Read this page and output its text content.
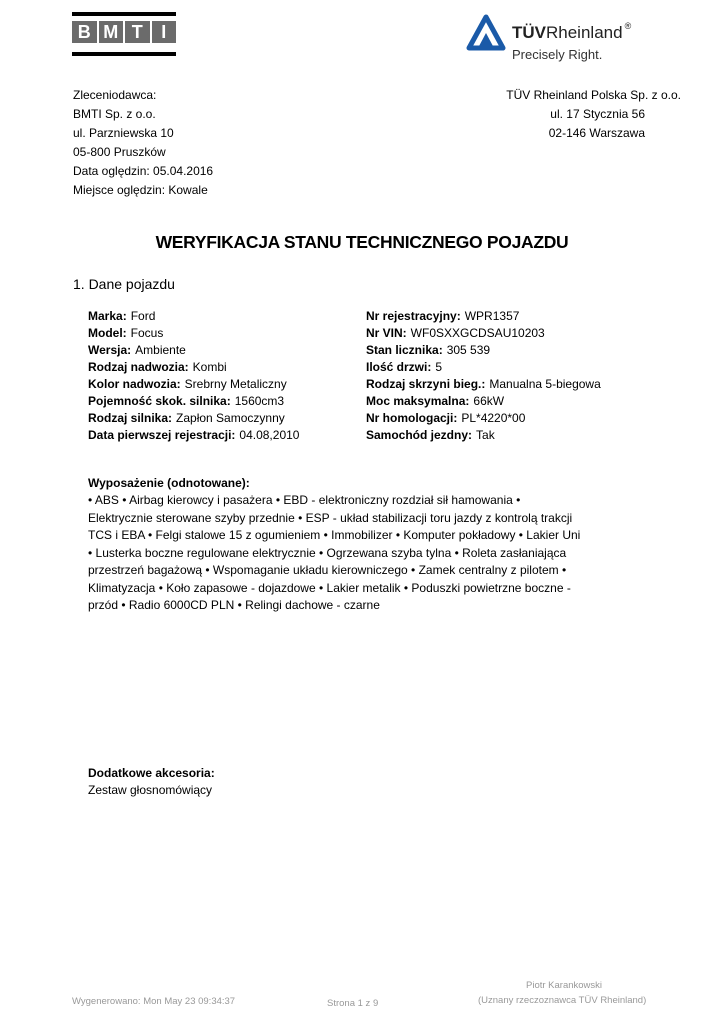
B M T	I	TÜVRheinland ®
Precisely Right.
Zleceniodawca:
BMTI Sp. z o.o.
ul. Parzniewska 10
05-800 Pruszków
Data oględzin: 05.04.2016
Miejsce oględzin: Kowale
TÜV Rheinland Polska Sp. z o.o.
ul. 17 Stycznia 56
02-146 Warszawa
WERYFIKACJA STANU TECHNICZNEGO POJAZDU
1. Dane pojazdu
Marka: Ford
Model: Focus
Wersja: Ambiente
Rodzaj nadwozia: Kombi
Kolor nadwozia: Srebrny Metaliczny
Pojemność skok. silnika: 1560cm3
Rodzaj silnika: Zapłon Samoczynny
Data pierwszej rejestracji: 04.08,2010
Nr rejestracyjny: WPR1357
Nr VIN: WF0SXXGCDSAU10203
Stan licznika: 305 539
Ilość drzwi: 5
Rodzaj skrzyni bieg.: Manualna 5-biegowa
Moc maksymalna: 66kW
Nr homologacji: PL*4220*00
Samochód jezdny: Tak
Wyposażenie (odnotowane):
• ABS • Airbag kierowcy i pasażera • EBD - elektroniczny rozdział sił hamowania •
Elektrycznie sterowane szyby przednie • ESP - układ stabilizacji toru jazdy z kontrolą trakcji
TCS i EBA • Felgi stalowe 15 z ogumieniem • Immobilizer • Komputer pokładowy • Lakier Uni
• Lusterka boczne regulowane elektrycznie • Ogrzewana szyba tylna • Roleta zasłaniająca
przestrzeń bagażową • Wspomaganie układu kierowniczego • Zamek centralny z pilotem •
Klimatyzacja • Koło zapasowe - dojazdowe • Lakier metalik • Poduszki powietrzne boczne -
przód • Radio 6000CD PLN • Relingi dachowe - czarne
Dodatkowe akcesoria:
Zestaw głosnomówiący
Wygenerowano: Mon May 23 09:34:37	Strona 1 z 9
Piotr Karankowski
(Uznany rzeczoznawca TÜV Rheinland)
